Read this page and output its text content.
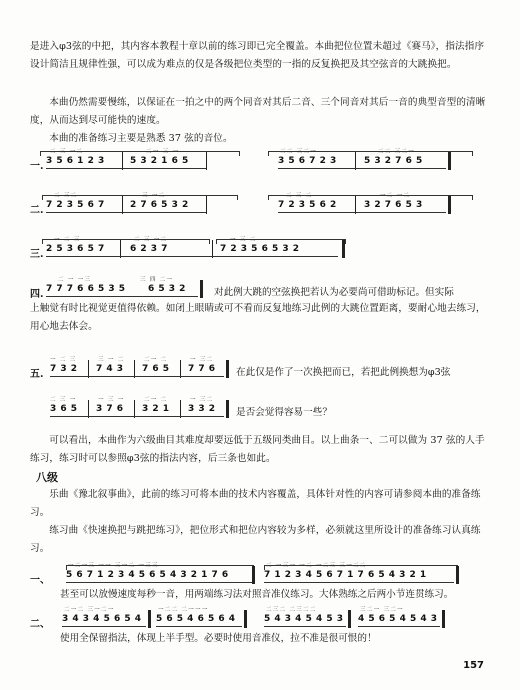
是进入φ3弦的中把，其内容本教程十章以前的练习即已完全覆盖。本曲把位位置未超过《赛马》，指法指序设计简洁且规律性强，可以成为难点的仅是各级把位类型的一指的反复换把及其空弦音的大跳换把。
本曲仍然需要慢练，以保证在一拍之中的两个同音对其后二音、三个同音对其后一音的典型音型的清晰度，从而达到尽可能快的速度。
本曲的准备练习主要是熟悉 37 弦的音位。
一.
二 三 一二
3 5 6 1 2 3
二一 三 一
5 3 2 1 6 5
二二 三二一
3 5 6 7 2 3
二二 三二一
5 3 2 7 6 5
二.
二 三二
7 2 3 5 6 7
三 一二
2 7 6 5 3 2
二 三 二
7 2 3 5 6 2
一二 一二
3 2 7 6 5 3
三.
一 二 三
2 5 3 6 5 7
二 三 一二
6 2 3 7
一 三 二
7 2 3 5 6 5 3 2
四.
二 一 一三	三 四 二一
7 7 7 6 6 5 3 5 6 5 3 2	对此例大跳的空弦换把若认为必要尚可借助标记。但实际
上触觉有时比视觉更值得依赖。如闭上眼睛或可不看而反复地练习此例的大跳位置距离，要耐心地去练习，用心地去体会。
五.
一 二 三
7 3 2
三 一 二
7 4 3
二一 二
7 6 5
一 三二
7 7 6 在此仅是作了一次换把而已，若把此例换想为φ3弦
二 三 一
3 6 5
一 三 一
3 7 6
二一 二
3 2 1
一 三二
3 3 2 是否会觉得容易一些？
可以看出，本曲作为六级曲目其难度却要远低于五级同类曲目。以上曲条一、二可以做为 37 弦的人手练习，练习时可以参照φ3弦的指法内容，后三条也如此。
八级
乐曲《豫北叙事曲》，此前的练习可将本曲的技术内容覆盖，具体针对性的内容可请参阅本曲的准备练习。
练习曲《快速换把与跳把练习》，把位形式和把位内容较为多样，必须就这里所设计的准备练习认真练习。
一、
一二一三 一一 三一二 一三三
5 6 7 1 2 3 4 5 6 5 4 3 2 1 7 6
二 一三一 一二 一二三 三一二二
7 1 2 3 4 5 6 7 1 7 6 5 4 3 2 1
甚至可以放慢速度每秒一音，用两端练习法对照音准仪练习。大体熟练之后两小节连贯练习。
二、
二一二 三一二一
3 4 3 4 5 6 5 4
一二二 二一一一
5 6 5 4 6 5 6 4
二三二 二三二二
5 4 3 4 5 4 5 3
三二一 三二一
4 5 6 5 4 5 4 3
使用全保留指法，体现上半手型。必要时使用音准仪，拉不准是很可恨的！
157
